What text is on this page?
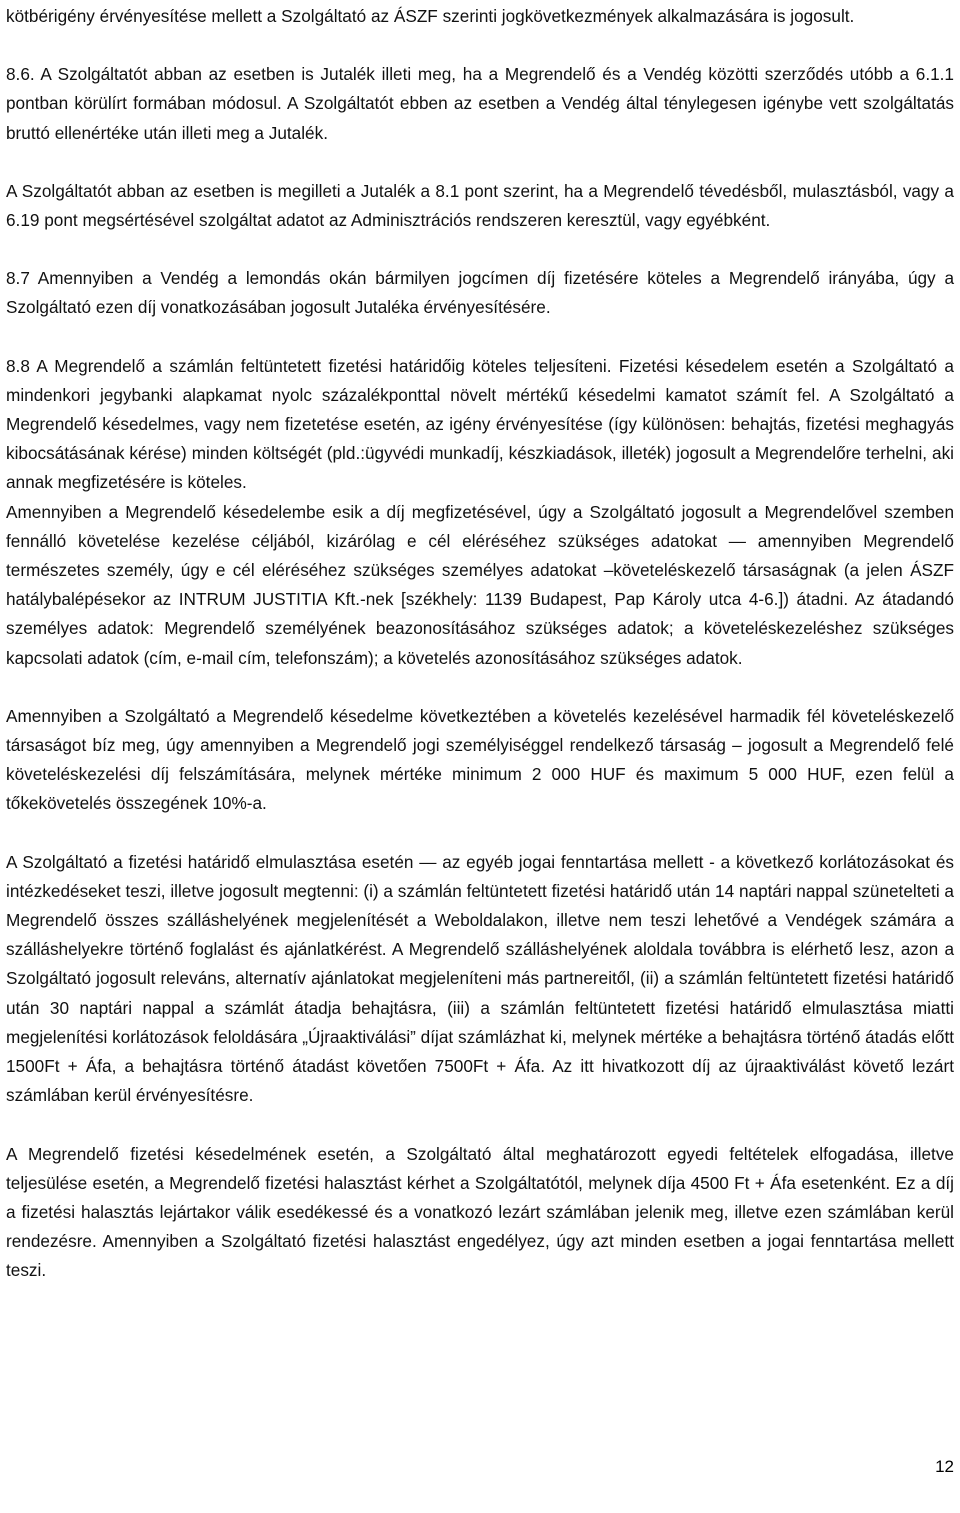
kötbérigény érvényesítése mellett a Szolgáltató az ÁSZF szerinti jogkövetkezmények alkalmazására is jogosult.

8.6. A Szolgáltatót abban az esetben is Jutalék illeti meg, ha a Megrendelő és a Vendég közötti szerződés utóbb a 6.1.1 pontban körülírt formában módosul. A Szolgáltatót ebben az esetben a Vendég által ténylegesen igénybe vett szolgáltatás bruttó ellenértéke után illeti meg a Jutalék.

A Szolgáltatót abban az esetben is megilleti a Jutalék a 8.1 pont szerint, ha a Megrendelő tévedésből, mulasztásból, vagy a 6.19 pont megsértésével szolgáltat adatot az Adminisztrációs rendszeren keresztül, vagy egyébként.

8.7 Amennyiben a Vendég a lemondás okán bármilyen jogcímen díj fizetésére köteles a Megrendelő irányába, úgy a Szolgáltató ezen díj vonatkozásában jogosult Jutaléka érvényesítésére.

8.8 A Megrendelő a számlán feltüntetett fizetési határidőig köteles teljesíteni. Fizetési késedelem esetén a Szolgáltató a mindenkori jegybanki alapkamat nyolc százalékponttal növelt mértékű késedelmi kamatot számít fel. A Szolgáltató a Megrendelő késedelmes, vagy nem fizetetése esetén, az igény érvényesítése (így különösen: behajtás, fizetési meghagyás kibocsátásának kérése) minden költségét (pld.:ügyvédi munkadíj, készkiadások, illeték) jogosult a Megrendelőre terhelni, aki annak megfizetésére is köteles.

Amennyiben a Megrendelő késedelembe esik a díj megfizetésével, úgy a Szolgáltató jogosult a Megrendelővel szemben fennálló követelése kezelése céljából, kizárólag e cél eléréséhez szükséges adatokat — amennyiben Megrendelő természetes személy, úgy e cél eléréséhez szükséges személyes adatokat –követeléskezelő társaságnak (a jelen ÁSZF hatálybalépésekor az INTRUM JUSTITIA Kft.-nek [székhely: 1139 Budapest, Pap Károly utca 4-6.]) átadni. Az átadandó személyes adatok: Megrendelő személyének beazonosításához szükséges adatok; a követeléskezeléshez szükséges kapcsolati adatok (cím, e-mail cím, telefonszám); a követelés azonosításához szükséges adatok.

Amennyiben a Szolgáltató a Megrendelő késedelme következtében a követelés kezelésével harmadik fél követeléskezelő társaságot bíz meg, úgy amennyiben a Megrendelő jogi személyiséggel rendelkező társaság – jogosult a Megrendelő felé követeléskezelési díj felszámítására, melynek mértéke minimum 2 000 HUF és maximum 5 000 HUF, ezen felül a tőkekövetelés összegének 10%-a.

A Szolgáltató a fizetési határidő elmulasztása esetén — az egyéb jogai fenntartása mellett - a következő korlátozásokat és intézkedéseket teszi, illetve jogosult megtenni: (i) a számlán feltüntetett fizetési határidő után 14 naptári nappal szünetelteti a Megrendelő összes szálláshelyének megjelenítését a Weboldalakon, illetve nem teszi lehetővé a Vendégek számára a szálláshelyekre történő foglalást és ajánlatkérést. A Megrendelő szálláshelyének aloldala továbbra is elérhető lesz, azon a Szolgáltató jogosult releváns, alternatív ajánlatokat megjeleníteni más partnereitől, (ii) a számlán feltüntetett fizetési határidő után 30 naptári nappal a számlát átadja behajtásra, (iii) a számlán feltüntetett fizetési határidő elmulasztása miatti megjelenítési korlátozások feloldására „Újraaktiválási” díjat számlázhat ki, melynek mértéke a behajtásra történő átadás előtt 1500Ft + Áfa, a behajtásra történő átadást követően 7500Ft + Áfa. Az itt hivatkozott díj az újraaktiválást követő lezárt számlában kerül érvényesítésre.

A Megrendelő fizetési késedelmének esetén, a Szolgáltató által meghatározott egyedi feltételek elfogadása, illetve teljesülése esetén, a Megrendelő fizetési halasztást kérhet a Szolgáltatótól, melynek díja 4500 Ft + Áfa esetenként. Ez a díj a fizetési halasztás lejártakor válik esedékessé és a vonatkozó lezárt számlában jelenik meg, illetve ezen számlában kerül rendezésre. Amennyiben a Szolgáltató fizetési halasztást engedélyez, úgy azt minden esetben a jogai fenntartása mellett teszi.

12
